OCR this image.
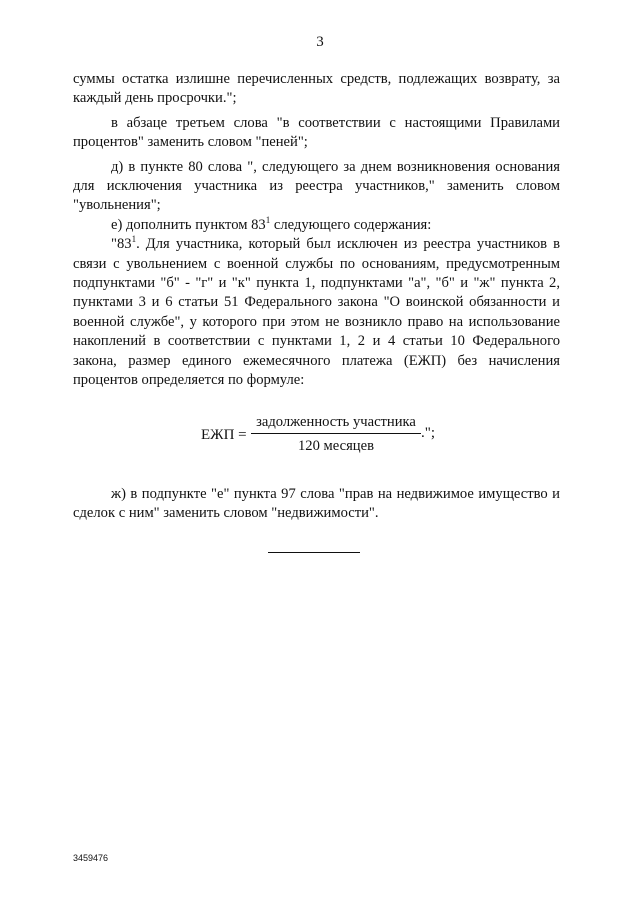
3

суммы остатка излишне перечисленных средств, подлежащих возврату, за каждый день просрочки.";

в абзаце третьем слова "в соответствии с настоящими Правилами процентов" заменить словом "пеней";

д) в пункте 80 слова ", следующего за днем возникновения основания для исключения участника из реестра участников," заменить словом "увольнения";

е) дополнить пунктом $83^1$ следующего содержания:

"$83^1$. Для участника, который был исключен из реестра участников в связи с увольнением с военной службы по основаниям, предусмотренным подпунктами "б" - "г" и "к" пункта 1, подпунктами "а", "б" и "ж" пункта 2, пунктами 3 и 6 статьи 51 Федерального закона "О воинской обязанности и военной службе", у которого при этом не возникло право на использование накоплений в соответствии с пунктами 1, 2 и 4 статьи 10 Федерального закона, размер единого ежемесячного платежа (ЕЖП) без начисления процентов определяется по формуле:

ЕЖП =
задолженность участника
120 месяцев
.";

ж) в подпункте "е" пункта 97 слова "прав на недвижимое имущество и сделок с ним" заменить словом "недвижимости".

3459476
